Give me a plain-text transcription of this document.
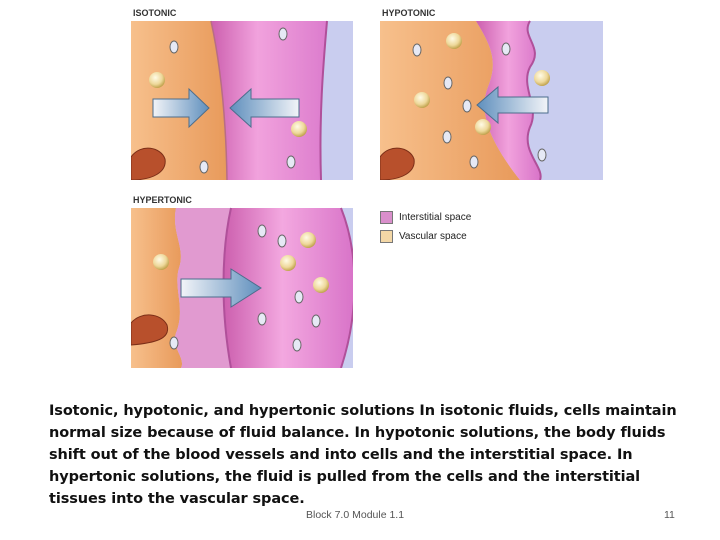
ISOTONIC	HYPOTONIC
HYPERTONIC
Interstitial space
Vascular space
Isotonic, hypotonic, and hypertonic solutions In isotonic fluids, cells maintain normal size because of fluid balance. In hypotonic solutions, the body fluids shift out of the blood vessels and into cells and the interstitial space. In hypertonic solutions, the fluid is pulled from the cells and the interstitial tissues into the vascular space.
Block 7.0 Module 1.1	11
